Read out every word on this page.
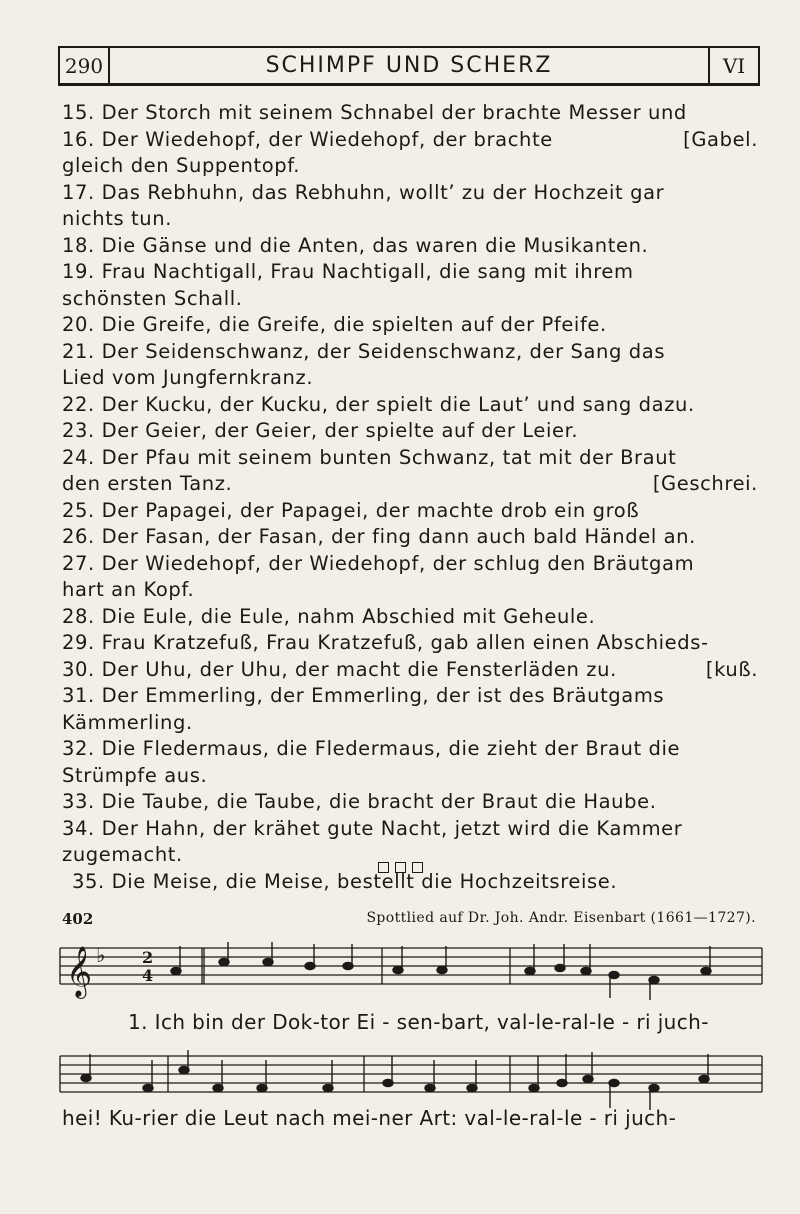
290	SCHIMPF UND SCHERZ	VI
15. Der Storch mit seinem Schnabel der brachte Messer und
16. Der Wiedehopf, der Wiedehopf, der brachte	[Gabel.
gleich den Suppentopf.
17. Das Rebhuhn, das Rebhuhn, wollt’ zu der Hochzeit gar
nichts tun.
18. Die Gänse und die Anten, das waren die Musikanten.
19. Frau Nachtigall, Frau Nachtigall, die sang mit ihrem
schönsten Schall.
20. Die Greife, die Greife, die spielten auf der Pfeife.
21. Der Seidenschwanz, der Seidenschwanz, der Sang das
Lied vom Jungfernkranz.
22. Der Kucku, der Kucku, der spielt die Laut’ und sang dazu.
23. Der Geier, der Geier, der spielte auf der Leier.
24. Der Pfau mit seinem bunten Schwanz, tat mit der Braut
den ersten Tanz.	[Geschrei.
25. Der Papagei, der Papagei, der machte drob ein groß
26. Der Fasan, der Fasan, der fing dann auch bald Händel an.
27. Der Wiedehopf, der Wiedehopf, der schlug den Bräutgam
hart an Kopf.
28. Die Eule, die Eule, nahm Abschied mit Geheule.
29. Frau Kratzefuß, Frau Kratzefuß, gab allen einen Abschieds-
30. Der Uhu, der Uhu, der macht die Fensterläden zu.	[kuß.
31. Der Emmerling, der Emmerling, der ist des Bräutgams
Kämmerling.
32. Die Fledermaus, die Fledermaus, die zieht der Braut die
Strümpfe aus.
33. Die Taube, die Taube, die bracht der Braut die Haube.
34. Der Hahn, der krähet gute Nacht, jetzt wird die Kammer
zugemacht.
35. Die Meise, die Meise, bestellt die Hochzeitsreise.
402	Spottlied auf Dr. Joh. Andr. Eisenbart (1661—1727).
𝄞 ♭ 2
4
1. Ich bin der Dok-tor Ei - sen-bart, val-le-ral-le - ri juch-
hei! Ku-rier die Leut nach mei-ner Art: val-le-ral-le - ri juch-
